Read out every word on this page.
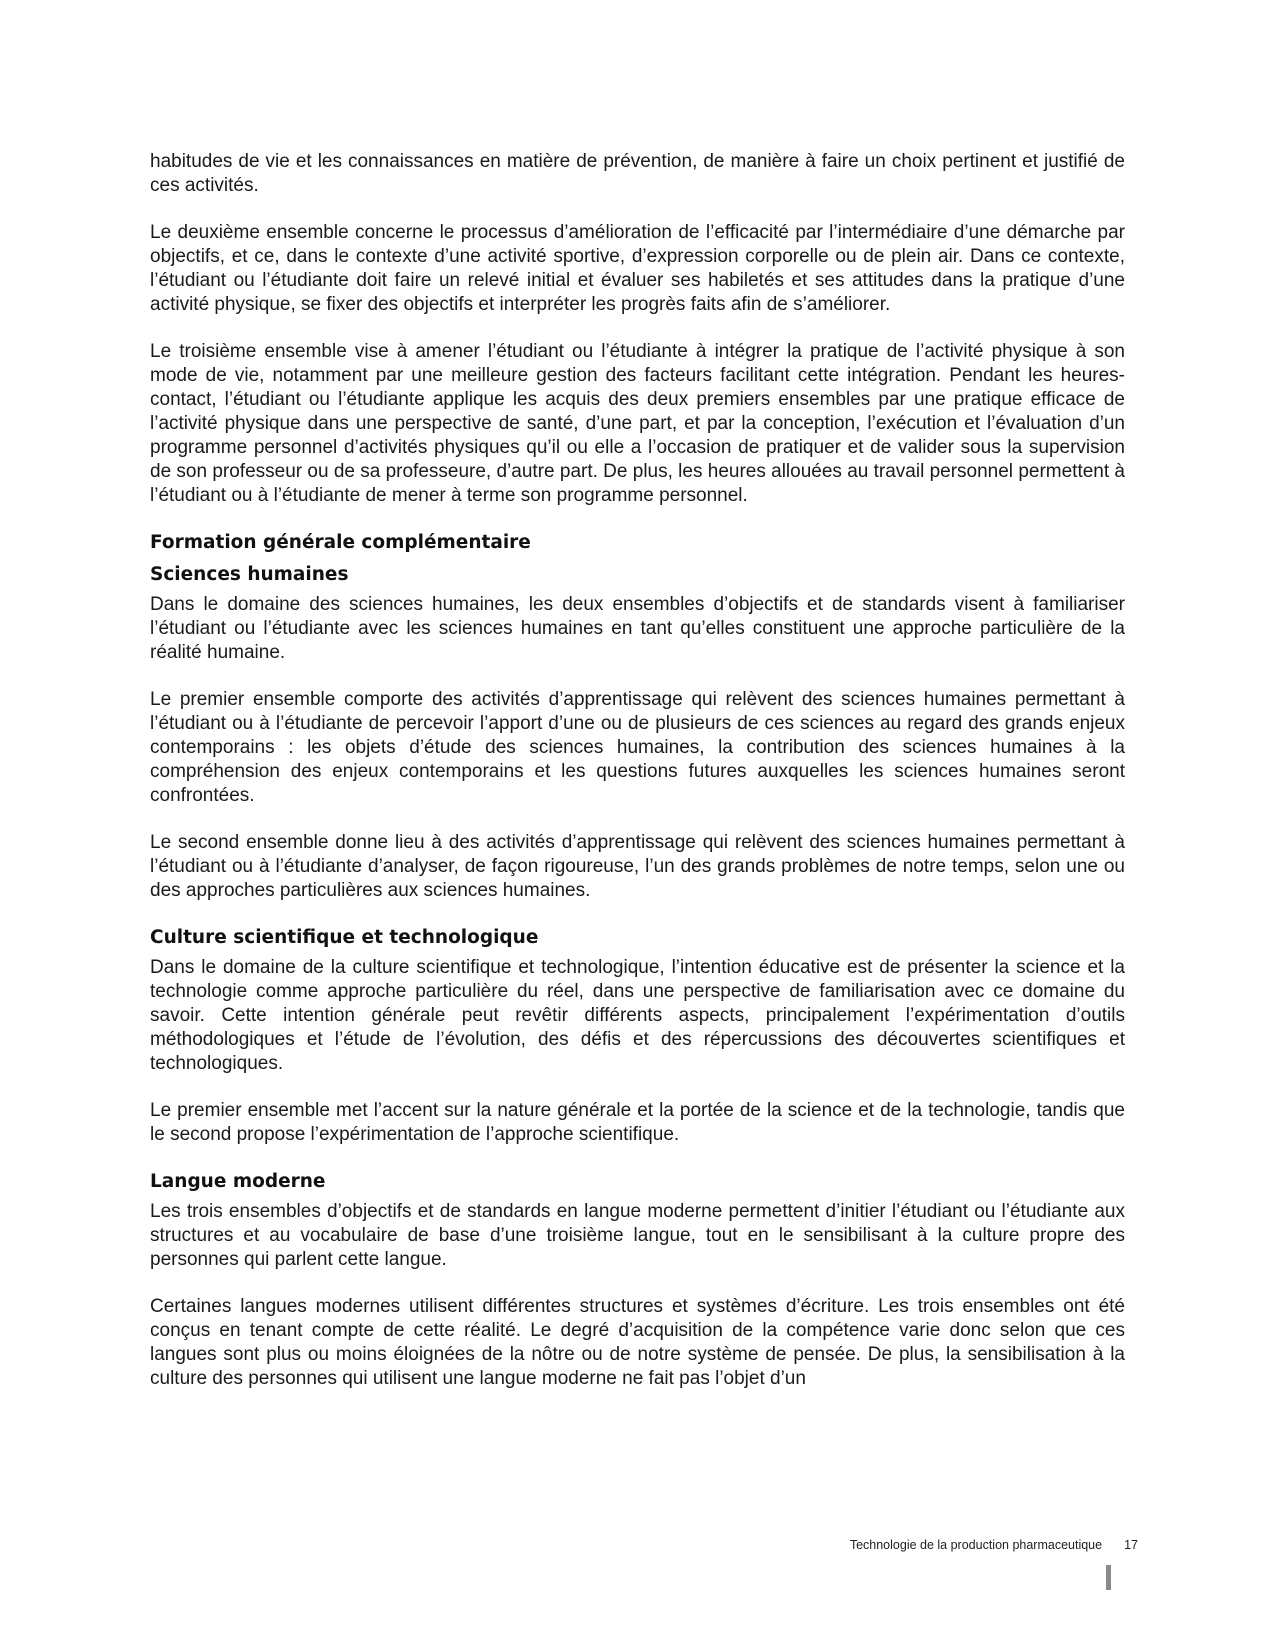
habitudes de vie et les connaissances en matière de prévention, de manière à faire un choix pertinent et justifié de ces activités.

Le deuxième ensemble concerne le processus d’amélioration de l’efficacité par l’intermédiaire d’une démarche par objectifs, et ce, dans le contexte d’une activité sportive, d’expression corporelle ou de plein air. Dans ce contexte, l’étudiant ou l’étudiante doit faire un relevé initial et évaluer ses habiletés et ses attitudes dans la pratique d’une activité physique, se fixer des objectifs et interpréter les progrès faits afin de s’améliorer.

Le troisième ensemble vise à amener l’étudiant ou l’étudiante à intégrer la pratique de l’activité physique à son mode de vie, notamment par une meilleure gestion des facteurs facilitant cette intégration. Pendant les heures-contact, l’étudiant ou l’étudiante applique les acquis des deux premiers ensembles par une pratique efficace de l’activité physique dans une perspective de santé, d’une part, et par la conception, l’exécution et l’évaluation d’un programme personnel d’activités physiques qu’il ou elle a l’occasion de pratiquer et de valider sous la supervision de son professeur ou de sa professeure, d’autre part. De plus, les heures allouées au travail personnel permettent à l’étudiant ou à l’étudiante de mener à terme son programme personnel.

Formation générale complémentaire
Sciences humaines

Dans le domaine des sciences humaines, les deux ensembles d’objectifs et de standards visent à familiariser l’étudiant ou l’étudiante avec les sciences humaines en tant qu’elles constituent une approche particulière de la réalité humaine.

Le premier ensemble comporte des activités d’apprentissage qui relèvent des sciences humaines permettant à l’étudiant ou à l’étudiante de percevoir l’apport d’une ou de plusieurs de ces sciences au regard des grands enjeux contemporains : les objets d’étude des sciences humaines, la contribution des sciences humaines à la compréhension des enjeux contemporains et les questions futures auxquelles les sciences humaines seront confrontées.

Le second ensemble donne lieu à des activités d’apprentissage qui relèvent des sciences humaines permettant à l’étudiant ou à l’étudiante d’analyser, de façon rigoureuse, l’un des grands problèmes de notre temps, selon une ou des approches particulières aux sciences humaines.

Culture scientifique et technologique

Dans le domaine de la culture scientifique et technologique, l’intention éducative est de présenter la science et la technologie comme approche particulière du réel, dans une perspective de familiarisation avec ce domaine du savoir. Cette intention générale peut revêtir différents aspects, principalement l’expérimentation d’outils méthodologiques et l’étude de l’évolution, des défis et des répercussions des découvertes scientifiques et technologiques.

Le premier ensemble met l’accent sur la nature générale et la portée de la science et de la technologie, tandis que le second propose l’expérimentation de l’approche scientifique.

Langue moderne

Les trois ensembles d’objectifs et de standards en langue moderne permettent d’initier l’étudiant ou l’étudiante aux structures et au vocabulaire de base d’une troisième langue, tout en le sensibilisant à la culture propre des personnes qui parlent cette langue.

Certaines langues modernes utilisent différentes structures et systèmes d’écriture. Les trois ensembles ont été conçus en tenant compte de cette réalité. Le degré d’acquisition de la compétence varie donc selon que ces langues sont plus ou moins éloignées de la nôtre ou de notre système de pensée. De plus, la sensibilisation à la culture des personnes qui utilisent une langue moderne ne fait pas l’objet d’un

Technologie de la production pharmaceutique 17
